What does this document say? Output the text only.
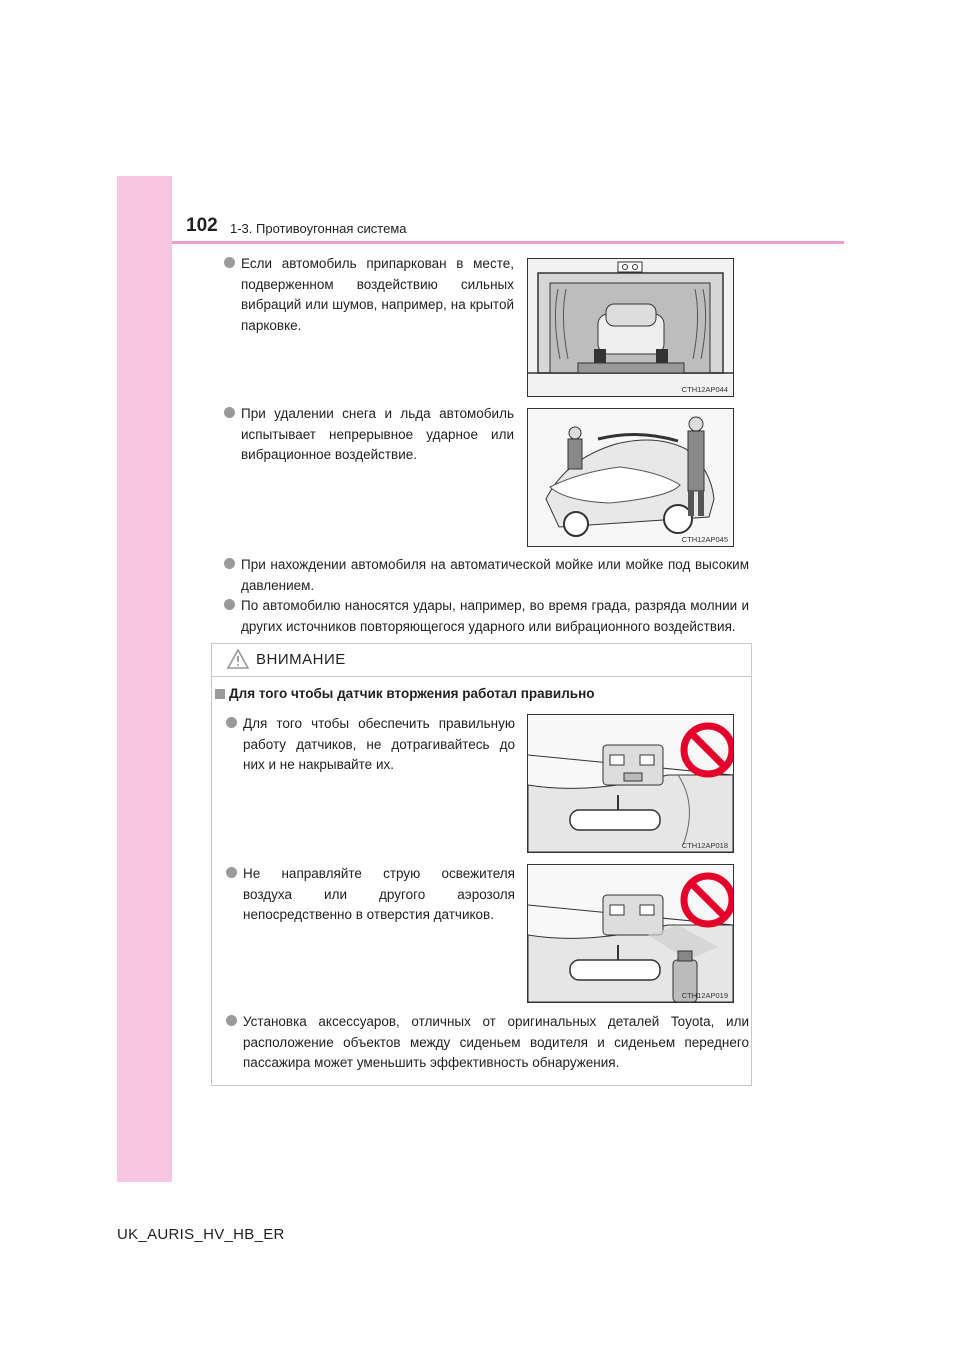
102 1-3. Противоугонная система
Если автомобиль припаркован в месте, подверженном воздействию сильных вибраций или шумов, например, на крытой парковке.
CTH12AP044
При удалении снега и льда автомобиль испытывает непрерывное ударное или вибрационное воздействие.
CTH12AP045
При нахождении автомобиля на автоматической мойке или мойке под высоким давлением.
По автомобилю наносятся удары, например, во время града, разряда молнии и других источников повторяющегося ударного или вибрационного воздействия.
ВНИМАНИЕ
Для того чтобы датчик вторжения работал правильно
Для того чтобы обеспечить правильную работу датчиков, не дотрагивайтесь до них и не накрывайте их.
CTH12AP018
Не направляйте струю освежителя воздуха или другого аэрозоля непосредственно в отверстия датчиков.
CTH12AP019
Установка аксессуаров, отличных от оригинальных деталей Toyota, или расположение объектов между сиденьем водителя и сиденьем переднего пассажира может уменьшить эффективность обнаружения.
UK_AURIS_HV_HB_ER
